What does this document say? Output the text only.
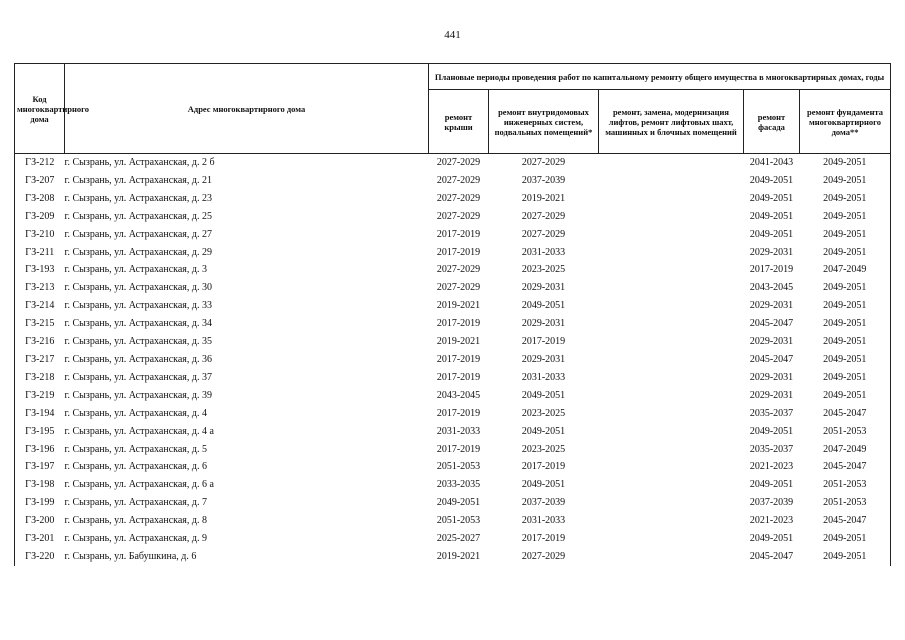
441
Код многоквартирного дома	Адрес многоквартирного дома	Плановые периоды проведения работ по капитальному ремонту общего имущества в многоквартирных домах, годы				
		ремонт крыши	ремонт внутридомовых инженерных систем, подвальных помещений*	ремонт, замена, модернизация лифтов, ремонт лифтовых шахт, машинных и блочных помещений	ремонт фасада	ремонт фундамента многоквартирного дома**
ГЗ-212	г. Сызрань, ул. Астраханская, д. 2 б	2027-2029	2027-2029		2041-2043	2049-2051
ГЗ-207	г. Сызрань, ул. Астраханская, д. 21	2027-2029	2037-2039		2049-2051	2049-2051
ГЗ-208	г. Сызрань, ул. Астраханская, д. 23	2027-2029	2019-2021		2049-2051	2049-2051
ГЗ-209	г. Сызрань, ул. Астраханская, д. 25	2027-2029	2027-2029		2049-2051	2049-2051
ГЗ-210	г. Сызрань, ул. Астраханская, д. 27	2017-2019	2027-2029		2049-2051	2049-2051
ГЗ-211	г. Сызрань, ул. Астраханская, д. 29	2017-2019	2031-2033		2029-2031	2049-2051
ГЗ-193	г. Сызрань, ул. Астраханская, д. 3	2027-2029	2023-2025		2017-2019	2047-2049
ГЗ-213	г. Сызрань, ул. Астраханская, д. 30	2027-2029	2029-2031		2043-2045	2049-2051
ГЗ-214	г. Сызрань, ул. Астраханская, д. 33	2019-2021	2049-2051		2029-2031	2049-2051
ГЗ-215	г. Сызрань, ул. Астраханская, д. 34	2017-2019	2029-2031		2045-2047	2049-2051
ГЗ-216	г. Сызрань, ул. Астраханская, д. 35	2019-2021	2017-2019		2029-2031	2049-2051
ГЗ-217	г. Сызрань, ул. Астраханская, д. 36	2017-2019	2029-2031		2045-2047	2049-2051
ГЗ-218	г. Сызрань, ул. Астраханская, д. 37	2017-2019	2031-2033		2029-2031	2049-2051
ГЗ-219	г. Сызрань, ул. Астраханская, д. 39	2043-2045	2049-2051		2029-2031	2049-2051
ГЗ-194	г. Сызрань, ул. Астраханская, д. 4	2017-2019	2023-2025		2035-2037	2045-2047
ГЗ-195	г. Сызрань, ул. Астраханская, д. 4 а	2031-2033	2049-2051		2049-2051	2051-2053
ГЗ-196	г. Сызрань, ул. Астраханская, д. 5	2017-2019	2023-2025		2035-2037	2047-2049
ГЗ-197	г. Сызрань, ул. Астраханская, д. 6	2051-2053	2017-2019		2021-2023	2045-2047
ГЗ-198	г. Сызрань, ул. Астраханская, д. 6 а	2033-2035	2049-2051		2049-2051	2051-2053
ГЗ-199	г. Сызрань, ул. Астраханская, д. 7	2049-2051	2037-2039		2037-2039	2051-2053
ГЗ-200	г. Сызрань, ул. Астраханская, д. 8	2051-2053	2031-2033		2021-2023	2045-2047
ГЗ-201	г. Сызрань, ул. Астраханская, д. 9	2025-2027	2017-2019		2049-2051	2049-2051
ГЗ-220	г. Сызрань, ул. Бабушкина, д. 6	2019-2021	2027-2029		2045-2047	2049-2051
